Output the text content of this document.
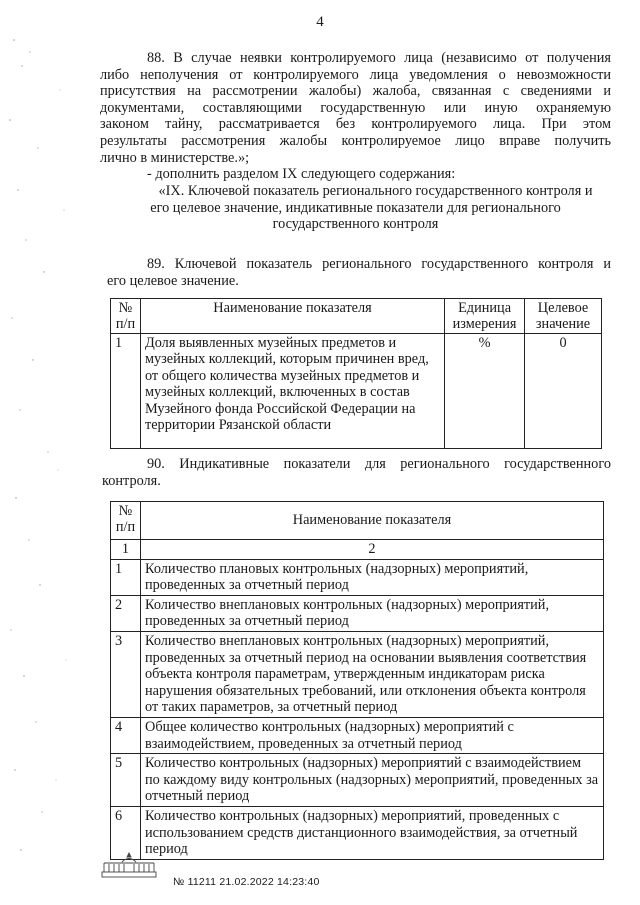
4
88. В случае неявки контролируемого лица (независимо от получения
либо неполучения от контролируемого лица уведомления о невозможности
присутствия на рассмотрении жалобы) жалоба, связанная с сведениями и
документами, составляющими государственную или иную охраняемую
законом тайну, рассматривается без контролируемого лица. При этом
результаты рассмотрения жалобы контролируемое лицо вправе получить
лично в министерстве.»;
- дополнить разделом IX следующего содержания:
«IX. Ключевой показатель регионального государственного контроля и
его целевое значение, индикативные показатели для регионального
государственного контроля
89. Ключевой показатель регионального государственного контроля и
его целевое значение.
№ п/п	Наименование показателя	Единица измерения	Целевое значение
1	Доля выявленных музейных предметов и музейных коллекций, которым причинен вред, от общего количества музейных предметов и музейных коллекций, включенных в состав Музейного фонда Российской Федерации на территории Рязанской области	%	0
90. Индикативные показатели для регионального государственного
контроля.
№ п/п	Наименование показателя
1	2
1	Количество плановых контрольных (надзорных) мероприятий, проведенных за отчетный период
2	Количество внеплановых контрольных (надзорных) мероприятий, проведенных за отчетный период
3	Количество внеплановых контрольных (надзорных) мероприятий, проведенных за отчетный период на основании выявления соответствия объекта контроля параметрам, утвержденным индикаторам риска нарушения обязательных требований, или отклонения объекта контроля от таких параметров, за отчетный период
4	Общее количество контрольных (надзорных) мероприятий с взаимодействием, проведенных за отчетный период
5	Количество контрольных (надзорных) мероприятий с взаимодействием по каждому виду контрольных (надзорных) мероприятий, проведенных за отчетный период
6	Количество контрольных (надзорных) мероприятий, проведенных с использованием средств дистанционного взаимодействия, за отчетный период
№ 11211 21.02.2022 14:23:40
